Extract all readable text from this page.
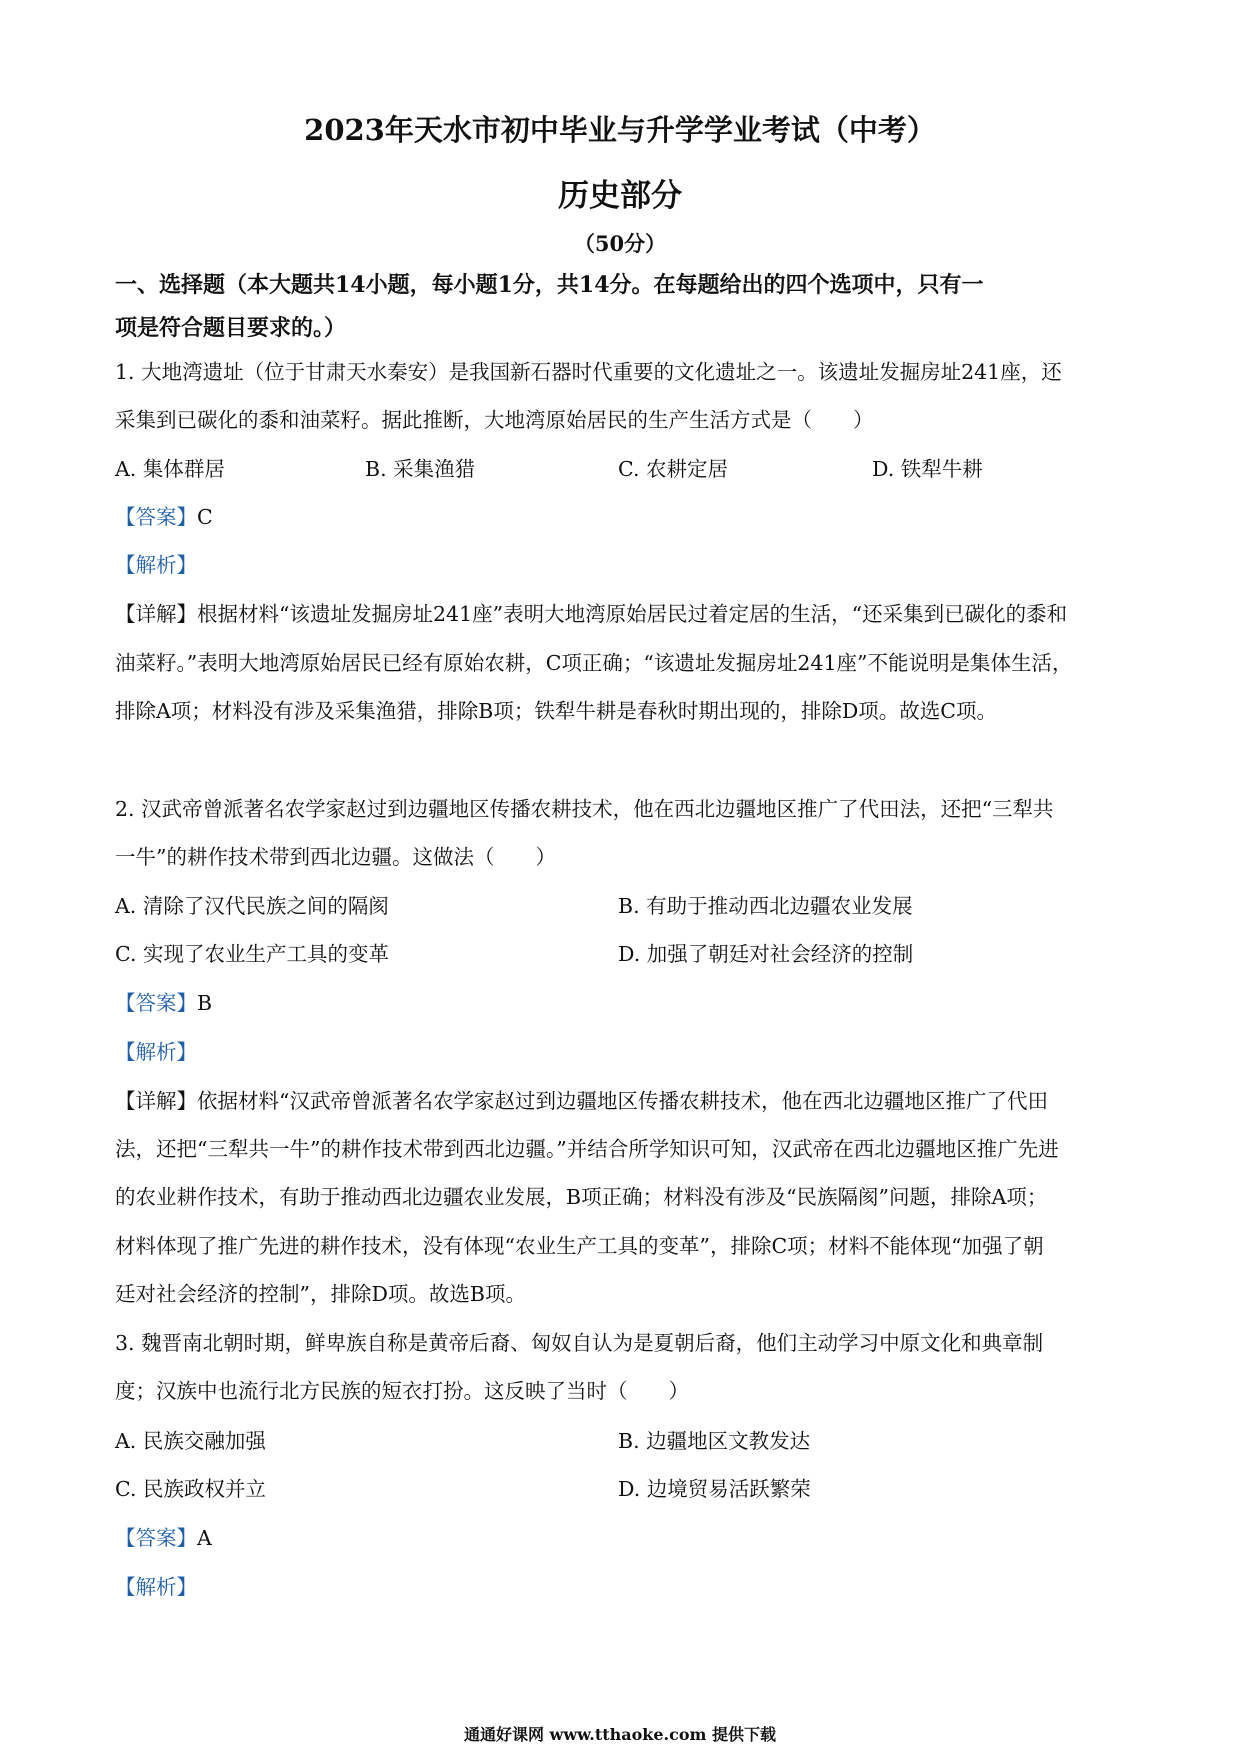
2023年天水市初中毕业与升学学业考试（中考）
历史部分
（50分）
一、选择题（本大题共14小题，每小题1分，共14分。在每题给出的四个选项中，只有一
项是符合题目要求的。）
1. 大地湾遗址（位于甘肃天水秦安）是我国新石器时代重要的文化遗址之一。该遗址发掘房址241座，还
采集到已碳化的黍和油菜籽。据此推断，大地湾原始居民的生产生活方式是（　　）
A. 集体群居	B. 采集渔猎	C. 农耕定居	D. 铁犁牛耕
【答案】C
【解析】
【详解】根据材料“该遗址发掘房址241座”表明大地湾原始居民过着定居的生活，“还采集到已碳化的黍和
油菜籽。”表明大地湾原始居民已经有原始农耕，C项正确；“该遗址发掘房址241座”不能说明是集体生活，
排除A项；材料没有涉及采集渔猎，排除B项；铁犁牛耕是春秋时期出现的，排除D项。故选C项。
2. 汉武帝曾派著名农学家赵过到边疆地区传播农耕技术，他在西北边疆地区推广了代田法，还把“三犁共
一牛”的耕作技术带到西北边疆。这做法（　　）
A. 清除了汉代民族之间的隔阂	B. 有助于推动西北边疆农业发展
C. 实现了农业生产工具的变革	D. 加强了朝廷对社会经济的控制
【答案】B
【解析】
【详解】依据材料“汉武帝曾派著名农学家赵过到边疆地区传播农耕技术，他在西北边疆地区推广了代田
法，还把“三犁共一牛”的耕作技术带到西北边疆。”并结合所学知识可知，汉武帝在西北边疆地区推广先进
的农业耕作技术，有助于推动西北边疆农业发展，B项正确；材料没有涉及“民族隔阂”问题，排除A项；
材料体现了推广先进的耕作技术，没有体现“农业生产工具的变革”，排除C项；材料不能体现“加强了朝
廷对社会经济的控制”，排除D项。故选B项。
3. 魏晋南北朝时期，鲜卑族自称是黄帝后裔、匈奴自认为是夏朝后裔，他们主动学习中原文化和典章制
度；汉族中也流行北方民族的短衣打扮。这反映了当时（　　）
A. 民族交融加强	B. 边疆地区文教发达
C. 民族政权并立	D. 边境贸易活跃繁荣
【答案】A
【解析】
通通好课网 www.tthaoke.com 提供下载
